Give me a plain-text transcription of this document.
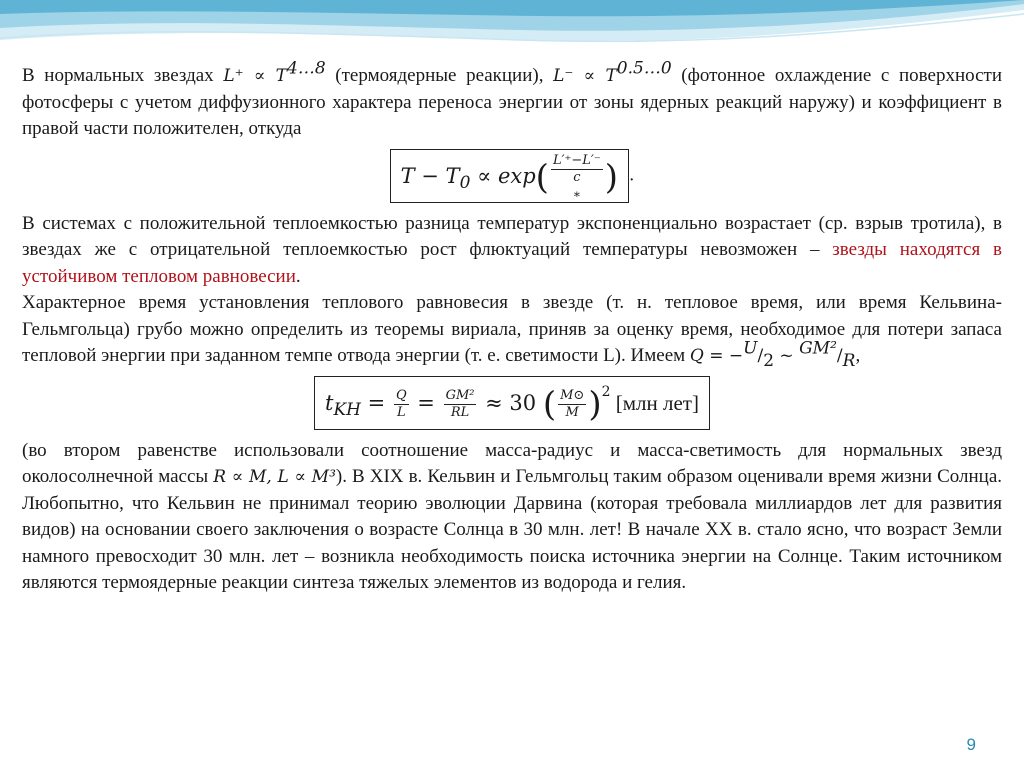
В нормальных звездах $L^+ \propto T^{4\dots 8}$ (термоядерные реакции), $L^- \propto T^{0.5\dots 0}$ (фотонное охлаждение с поверхности фотосферы с учетом диффузионного характера переноса энергии от зоны ядерных реакций наружу) и коэффициент в правой части положителен, откуда

$T - T_0 \propto \exp$( L′⁺−L′⁻
c
$_*$ ) .

В системах с положительной теплоемкостью разница температур экспоненциально возрастает (ср. взрыв тротила), в звездах же с отрицательной теплоемкостью рост флюктуаций температуры невозможен – звезды находятся в устойчивом тепловом равновесии.

Характерное время установления теплового равновесия в звезде (т. н. тепловое время, или время Кельвина-Гельмгольца) грубо можно определить из теоремы вириала, приняв за оценку время, необходимое для потери запаса тепловой энергии при заданном темпе отвода энергии (т. е. светимости L). Имеем $Q = -^U/_2$ ~ $^{GM^2}/_R$,

$t_{KH} = \frac{Q}{L} = \frac{\text{GM²}}{RL} \approx 30$ ( $\frac{M⊙}{M} )^2$ [млн лет]

(во втором равенстве использовали соотношение масса-радиус и масса-светимость для нормальных звезд околосолнечной массы R ∝ M, L ∝ M³). В XIX в. Кельвин и Гельмгольц таким образом оценивали время жизни Солнца. Любопытно, что Кельвин не принимал теорию эволюции Дарвина (которая требовала миллиардов лет для развития видов) на основании своего заключения о возрасте Солнца в 30 млн. лет! В начале XX в. стало ясно, что возраст Земли намного превосходит 30 млн. лет – возникла необходимость поиска источника энергии на Солнце. Таким источником являются термоядерные реакции синтеза тяжелых элементов из водорода и гелия.

9
